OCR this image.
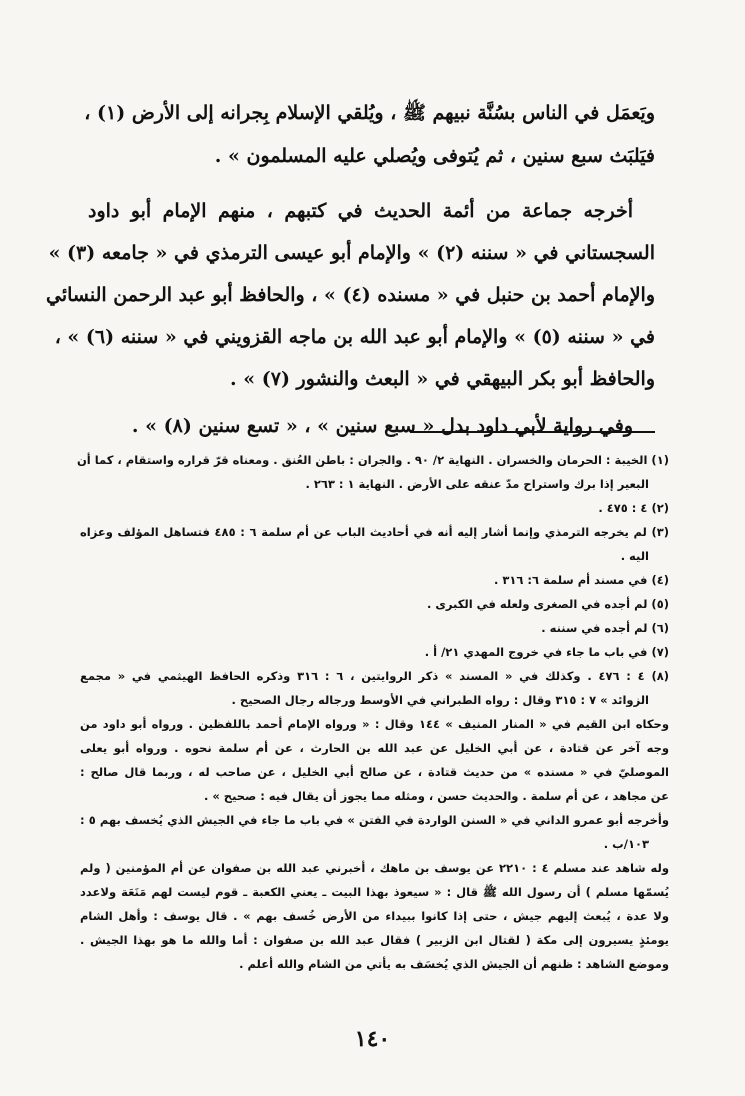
ويَعمَل في الناس بسُنَّة نبيهم ﷺ ، ويُلقي الإسلام بِجرانه إلى الأرض (١) ،

فيَلبَث سبع سنين ، ثم يُتوفى ويُصلي عليه المسلمون » .

أخرجه جماعة من أئمة الحديث في كتبهم ، منهم الإمام أبو داود

السجستاني في « سننه (٢) » والإمام أبو عيسى الترمذي في « جامعه (٣) »

والإمام أحمد بن حنبل في « مسنده (٤) » ، والحافظ أبو عبد الرحمن النسائي

في « سننه (٥) » والإمام أبو عبد الله بن ماجه القزويني في « سننه (٦) » ،

والحافظ أبو بكر البيهقي في « البعث والنشور (٧) » .

وفي رواية لأبي داود بدل « سبع سنين » ، « تسع سنين (٨) » .

(١) الخيبة : الحرمان والخسران . النهاية ٢/ ٩٠ . والجران : باطن العُنق . ومعناه قرّ قراره واستقام ، كما أن
البعير إذا برك واستراح مدّ عنقه على الأرض . النهاية ١ : ٢٦٣ .
(٢) ٤ : ٤٧٥ .
(٣) لم يخرجه الترمذي وإنما أشار إليه أنه في أحاديث الباب عن أم سلمة ٦ : ٤٨٥ فتساهل المؤلف وعزاه
اليه .
(٤) في مسند أم سلمة ٦: ٣١٦ .
(٥) لم أجده في الصغرى ولعله في الكبرى .
(٦) لم أجده في سننه .
(٧) في باب ما جاء في خروج المهدي ٢١/ أ .
(٨) ٤ : ٤٧٦ . وكذلك في « المسند » ذكر الروايتين ، ٦ : ٣١٦ وذكره الحافظ الهيثمي في « مجمع
الزوائد » ٧ : ٣١٥ وقال : رواه الطبراني في الأوسط ورجاله رجال الصحيح .
وحكاه ابن القيم في « المنار المنيف » ١٤٤ وقال : « ورواه الإمام أحمد باللفظين . ورواه أبو داود من
وجه آخر عن قتادة ، عن أبي الخليل عن عبد الله بن الحارث ، عن أم سلمة نحوه . ورواه أبو يعلى
الموصليّ في « مسنده » من حديث قتادة ، عن صالح أبي الخليل ، عن صاحب له ، وربما قال صالح :
عن مجاهد ، عن أم سلمة . والحديث حسن ، ومثله مما يجوز أن يقال فيه : صحيح » .
وأخرجه أبو عمرو الداني في « السنن الواردة في الفتن » في باب ما جاء في الجيش الذي يُخسف بهم ٥ :
١٠٣/ب .
وله شاهد عند مسلم ٤ : ٢٢١٠ عن يوسف بن ماهك ، أخبرني عبد الله بن صفوان عن أم المؤمنين ( ولم
يُسمّها مسلم ) أن رسول الله ﷺ قال : « سيعوذ بهذا البيت ـ يعني الكعبة ـ قوم ليست لهم مَنَعَة ولاعدد
ولا عدة ، يُبعث إليهم جيش ، حتى إذا كانوا ببيداء من الأرض خُسف بهم » . قال يوسف : وأهل الشام
يومئذٍ يسيرون إلى مكة ( لقتال ابن الزبير ) فقال عبد الله بن صفوان : أما والله ما هو بهذا الجيش .
وموضع الشاهد : ظنهم أن الجيش الذي يُخسَف به يأتي من الشام والله أعلم .
١٤٠
